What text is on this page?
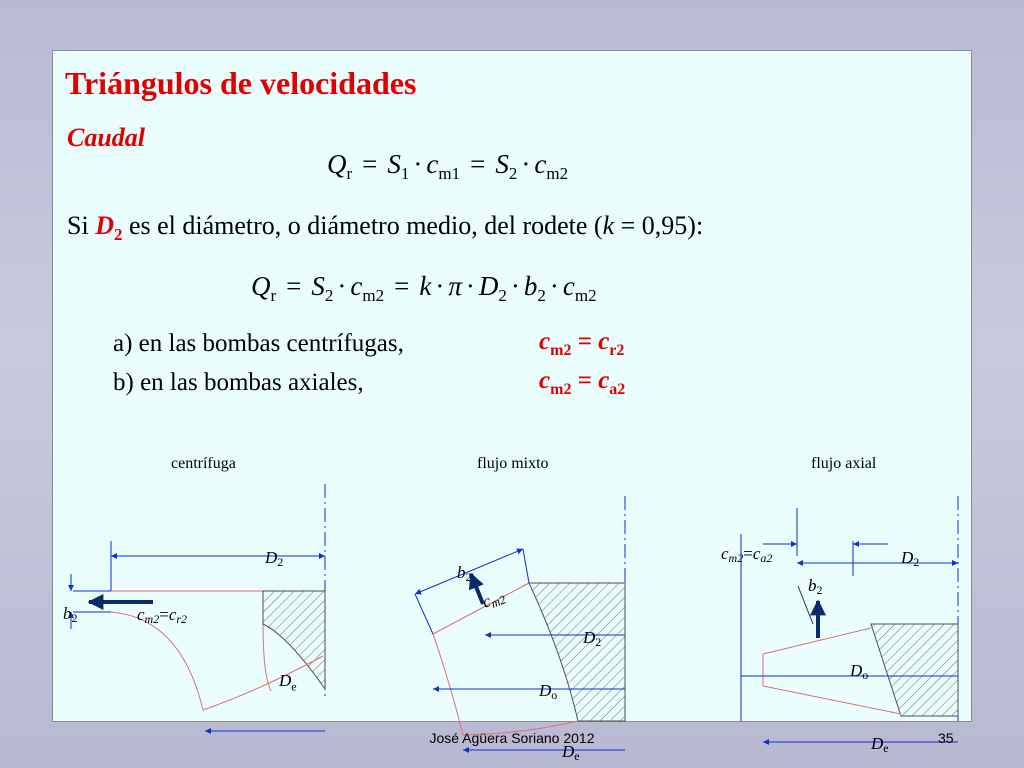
Triángulos de velocidades
Caudal
$Q_r = S_1 \cdot c_{m1} = S_2 \cdot c_{m2}$
Si $D_2$ es el diámetro, o diámetro medio, del rodete (k = 0,95):
$Q_r = S_2 \cdot c_{m2} = k \cdot \pi \cdot D_2 \cdot b_2 \cdot c_{m2}$
a) en las bombas centrífugas,	$c_{m2} = c_{r2}$
b) en las bombas axiales,	$c_{m2} = c_{a2}$
centrífuga	flujo mixto	flujo axial
D2
b2	cm2=cr2
b2
cm2
D2
Do
De
cm2=ca2	D2
b2
Do
De
$D_e$
José Agüera Soriano 2012	35
